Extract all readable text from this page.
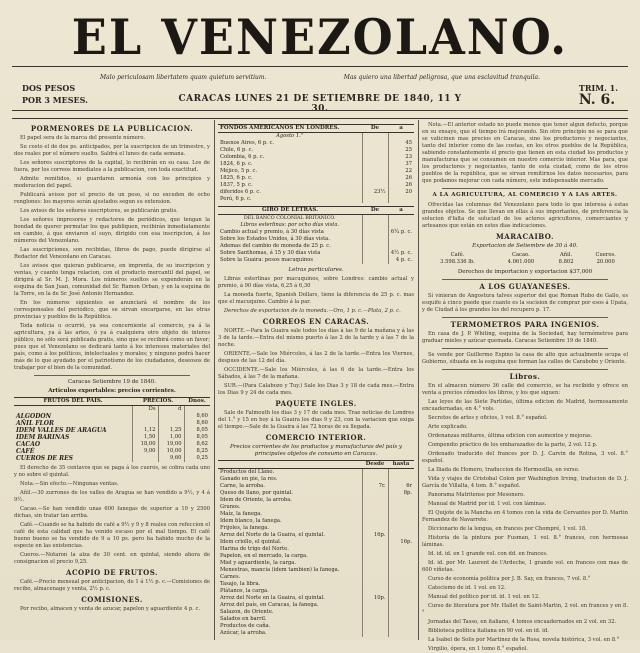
EL VENEZOLANO.
Malo periculosam libertatem quam quietum servitium.	Mas quiero una libertad peligrosa, que una esclavitud tranquila.
DOS PESOS
POR 3 MESES.
TRIM. 1.
N. 6.
CARACAS LUNES 21 DE SETIEMBRE DE 1840, 11 Y 30.
PORMENORES DE LA PUBLICACION.
El papel sera de la marca del presente número.
Su costo el de dos ps. anticipados, por la suscripcion de un trimestre, y dos reales por el número suelto. Saldrá el lunes de cada semana.
Los señores suscriptores de la capital, lo recibirán en su casa. Los de fuera, por los correos inmediatos a la publicacion, con toda exactitud.
Admite remitidos, si guardaren armonía con los principios y moderacion del papel.
Publicará avisos por el precio de un peso, si no exceden de ocho renglones: los mayores serán ajustados segun su extension.
Los avisos de los señores suscriptores, se publicarán gratis.
Los señores impresores y redactores de periódicos, que tengan la bondad de querer permutar los que publiquen, recibirán inmediatamente en cambio, á que enviaren el suyo, dirigido con esa inscripcion, á los números del Venezolano.
Las suscripciones, son recibidas, libros de pago, puede dirigirse al Redactor del Venezolano en Caracas.
Los avisos que quieran publicarse, en imprenta, de su inscripcion y ventas, y cuanto tenga relacion, con el producto mercantil del papel, se dirigirá al Sr. M. J. Mora. Los números sueltos se expenderán en la esquina de San Juan, comunidad del Sr. Ramon Orban, y en la esquina de la Torre, en la de Sr. José Antonio Hernandez.
En los números siguientes se anunciará el nombre de los corresponsales del periódico, que se sirvan encargarse, en las otras provincias y pueblos de la República.
Toda noticia u ocurrió, ya sea concerniente al comercio, ya á la agricultura, ya á las artes, ó ya á cualquiera otro objeto de interes público, no sólo será publicada gratis, sino que se recibirá como un favor; pues que el Venezolano se dedicará tanto á los intereses materiales del país, como á los políticos, intelectuales y morales; y ninguno podrá hacer más de lo que ayudado por el patriotismo de los ciudadanos, deseosos de trabajar por el bien de la comunidad.
Caracas Setiembre 19 de 1840.
Articulos exportables: precios corrientes.
FRUTOS DEL PAIS.	PRECIOS.		Dnos.
	Ds	d	
ALGODON			8,60
AÑIL FLOR			8,60
IDEM VALLES DE ARAGUA	1,12	1,25	8,05
IDEM BARINAS	1,50	1,00	8,05
CACAO	18,00	19,00	8,62
CAFÉ	9,00	10,00	8,25
CUEROS DE RES		9,60	0,25
El derecho de 35 centavos que se paga á los cueros, se cobra cada uno y no sobre el quintal.
Nota.—Sin efecto.—Ningunas ventas.
Añil.—30 zurrones de los valles de Aragua se han vendido a 9½, y 4 á 9½.
Cacao.—Se han vendido unas 600 fanegas de superior a 19 y 2500 dichas, sin tratar tan arriba.
Café.—Cuando se ha habido de café a 9½ y 9 y 8 reales con refeccion el café de esta calidad que ha venido escaso por el mal tiempo. El café bueno bueno se ha vendido de 9 a 10 ps. pero ha habido mucho de la especie en las existencias.
Cueros.—Notaron la alza de 30 cent. en quintal, siendo ahora de consignacion el precio 9,25.
ACOPIO DE FRUTOS.
Café.—Precio mensual por anticipacion, de 1 á 1½ p. c.—Comisiones de recibo, almacenage y venta, 2½ p. c.
COMISIONES.
Por recibo, almacen y venta de azucar, papelon y aguardiente 4 p. c.
FONDOS AMERICANOS EN LONDRES.	De	a
Agosto 1.°		
Buenos Aires, 6 p. c.		45
Chile, 6 p. c.		25
Colombia, 6 p. c.		23
1824, 6 p. c.		37
Méjico, 5 p. c.		22
1825, 6 p. c.		26
1837, 5 p. c.		26
diferidos 6 p. c.	23½	20
Perú, 6 p. c.		
GIRO DE LETRAS.	De	a
DEL BANCO COLONIAL BRITÁNICO.		
Libras esterlinas: por ocho días vista.		
Cambio actual y premio, á 30 días vista		6¼ p. c.
Sobre los Estados Unidos, á 30 días vista.		
Ademas del cambio de moneda de 25 p. c.		
Sobre Santhomas, á 15 y 30 días vista		4½ p. c.
Sobre la Guaira: pesos macuquinos		4 p. c.
Letras particulares.
Libras esterlinas por macuquinos, sobre Londres: cambio actual y premio, á 90 días vista, 6,25 á 6,30
La moneda fuerte, Spanish Dollars, tiene la diferencia de 25 p. c. mas que el macuquino. Cambio á la par.
Derechos de exportacion de la moneda.—Oro, 1 p. c.—Plata, 2 p. c.
CORREOS EN CARACAS.
NORTE.—Para la Guaira sale todos los días á las 9 de la mañana y á las 3 de la tarde.—Entra del mismo puerto á las 2 de la tarde y á las 7 de la noche.
ORIENTE.—Sale los Miércoles, á las 2 de la tarde.—Entra los Viernes, despues de las 12 del día.
OCCIDENTE.—Sale los Miércoles, á las 6 de la tarde.—Entra los Sábados, á las 7 de la mañana.
SUR.—(Para Calabozo y Tuy.) Sale los Dias 3 y 18 de cada mes.—Entra los Dias 9 y 24 de cada mes.
PAQUETE INGLES.
Sale de Falmouth los dias 3 y 17 de cada mes. Trae noticias de Londres del 1.° y 15 en hoy á la Guaira los dias 9 y 23, con la variacion que exiga el tiempo.—Sale de la Guaira á las 72 horas de su llegada.
COMERCIO INTERIOR.
Precios corrientes de los productos y manufacturas del país y principales objetos de consumo en Caracas.
	Desde	hasta
Productos del Llano.		
Ganado en pie, la res.		
Carne, la arroba.	7r.	6r
Queso de llano, por quintal.		8p.
Idem de Oriente, la arroba.		
Granos.		
Maíz, la fanega.		
Idem blanco, la fanega.		
Frijoles, la fanega.		
Arroz del Norte de la Guaira, el quintal.	16p.	
Idem criollo, el quintal.		16p.
Harina de trigo del Norte.		
Papelon, en el mercado, la carga.		
Miel y aguardiente, la carga.		
Menestras, mancia (idem tambien) la fanega.		
Carnes.		
Tasajo, la libra.		
Plátanos, la carga.		
Arroz del Norte en la Guaira, el quintal.	10p.	
Arroz del país, en Caracas, la fanega.		
Salazon, de Oriente.		
Salados en barril.		
Productos de caña.		
Azúcar, la arroba.		
Nota.—El anterior estado no puede menos que tener algun defecto, porque en su ensayo, que el tiempo irá mejorando. Sin otro principio no se para que se vaticinen mas precios en Caracas, sino los productores y negociantes, tanto del interior como de las costas, en los otros pueblos de la República, sabiendo constantemente el precio que tienen en esta ciudad los productos y manufacturas que se consumen en nuestro comercio interior. Mas para, que los productores y negociantes, tanto de esta ciudad, como de los otros pueblos de la república, que se sirvan remitirnos los datos necesarios, para que podamos mejorar con cada número, este indispensable mercado.
A LA AGRICULTURA, AL COMERCIO Y A LAS ARTES.
Ofrecidas las columnas del Venezolano para todo lo que interesa á estas grandes objetos. Se que llevan en ellas á sus importantes, de preferencia la solucion d'falta de soluciad de los actores agricultores, comerciantes y artesanos que están en estos dias indicaciones.
MARACAIBO.
Exportacion de Setiembre de 30 á 40.
Café.	Cacao.	Añil.	Cueros.
3.598.336 lb.	4.061.000	8.802	20.000
Derechos de importacion y exportacion $37,000
A LOS GUAYANESES.
Sí vinieran de Angostura talves superior del que Roman Rubo de Gallo, es esquife á cinco puede que cuanto es la sucision de comprar por esos á Upata, y de Ciudad á los grandes los del recupero p. 17.
TERMOMETROS PARA INGENIOS.
En casa de J. P. Whiting, esquina de la Sociedad, hay termómetros para graduar mieles y azúcar quemada. Caracas Setiembre 19 de 1840.
Se vende por Guillermo Espino la casa de alto que actualmente ocupa el Gobierno, situada en la esquina que forman las calles de Carabobo y Oriente.
Libros.
En el almacen número 36 calle del comercio, se ha recibido y ofrece en venta a precios cómodos los libros, y los que siguen:
Las leyes de las Siete Partidas, última edicion de Madrid, hermosamente encuadernadas, en 4.° vols.
Secretos de artes y oficios, 1 vol. 8.° español.
Arte explicado.
Ordenanzas militares, última edicion con aumentos y mejoras.
Compendio práctico de los embarazados de la parte, 2 vol. 12 p.
Ordenado traducido del frances por D. J. Carvin de Rotina, 3 vol. 8.° español.
La Iliada de Homero, traduccion de Hermosilla, en verso.
Vida y viajes de Cristobal Colon por Washington Irving, traducion de D. J. García de Villalta, 4 tom. 8.° español.
Panorama Matritense por Mesonero.
Manual de Madrid por id. 1 vol. con láminas.
El Quijote de la Mancha en 4 tomos con la vida de Cervantes por D. Martin Fernandez de Navarrete.
Diccionario de la lengua, en frances por Chompré, 1 vol. 18.
Historia de la pintura por Fusman, 1 vol. 8.° frances, con hermosas láminas.
Id. id. id. en 1 grande vol. con dd. en frances.
Id. id. por Mr. Laurent de l'Ardeche, 1 grande vol. en frances con mas de 600 viñetas.
Curso de economía política por J. B. Say, en frances, 7 vol. 8.°
Catecismo de id. 1 vol. en 12.
Manual del político por id. id. 1 vol. en 12.
Curso de literatura por Mr. Hallet de Saint-Martin, 2 vol. en frances y en 8.°
Jornadas del Tasso, en italiano, 4 tomos encuadernados en 2 vol. en 32.
Biblioteca política italiana en 90 vol. en id. id.
La Isabel de Solis por Martinez de la Rosa, novela histórica, 3 vol. en 8.°
Virgilio, ópera, en 1 tomo 8.° español.
